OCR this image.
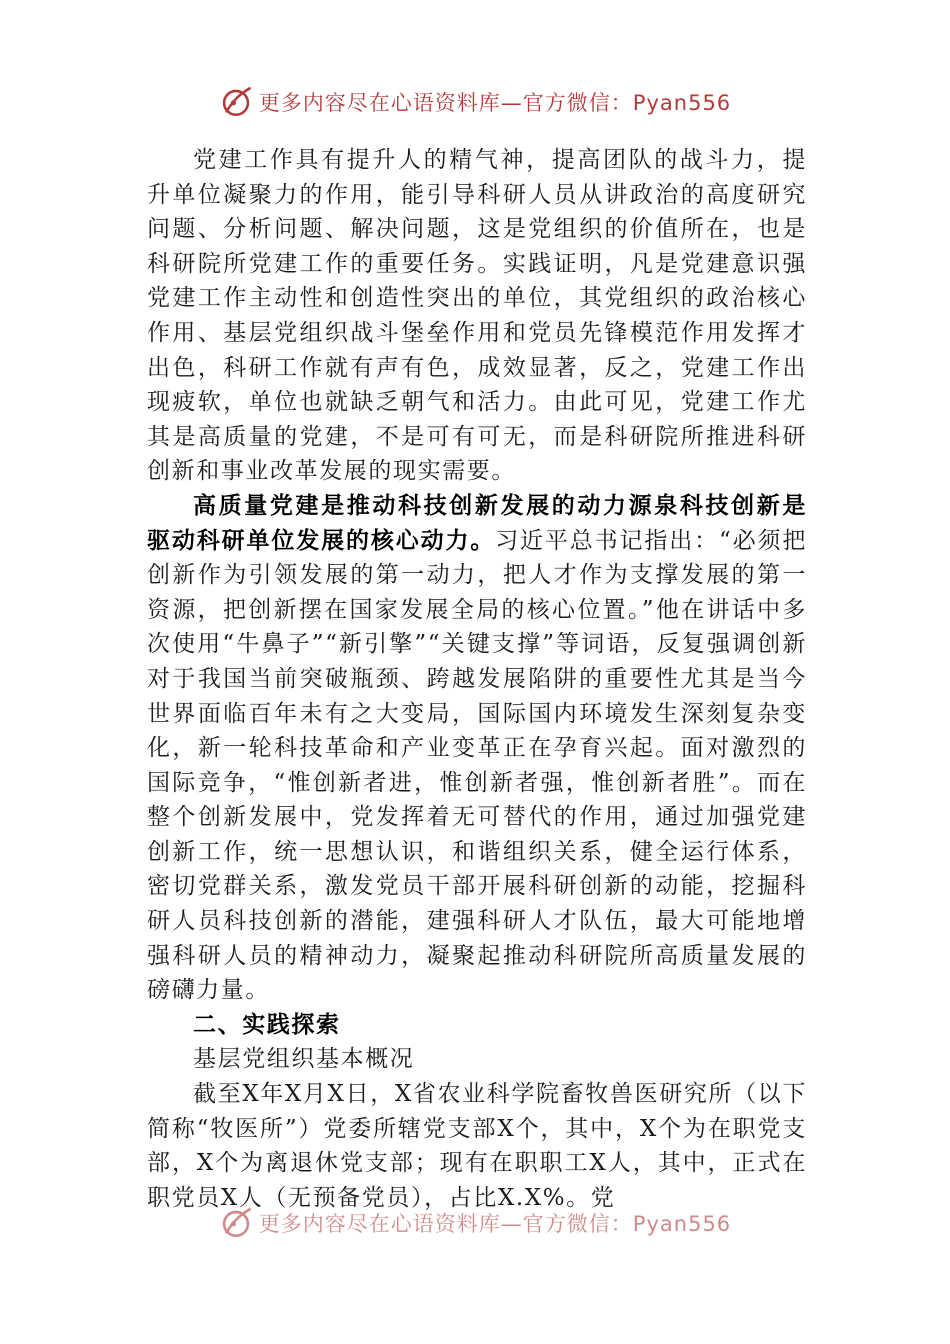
更多内容尽在心语资料库—官方微信：Pyan556

党建工作具有提升人的精气神，提高团队的战斗力，提升单位凝聚力的作用，能引导科研人员从讲政治的高度研究问题、分析问题、解决问题，这是党组织的价值所在，也是科研院所党建工作的重要任务。实践证明，凡是党建意识强党建工作主动性和创造性突出的单位，其党组织的政治核心作用、基层党组织战斗堡垒作用和党员先锋模范作用发挥才出色，科研工作就有声有色，成效显著，反之，党建工作出现疲软，单位也就缺乏朝气和活力。由此可见，党建工作尤其是高质量的党建，不是可有可无，而是科研院所推进科研创新和事业改革发展的现实需要。

高质量党建是推动科技创新发展的动力源泉科技创新是驱动科研单位发展的核心动力。习近平总书记指出：“必须把创新作为引领发展的第一动力，把人才作为支撑发展的第一资源，把创新摆在国家发展全局的核心位置。”他在讲话中多次使用“牛鼻子”“新引擎”“关键支撑”等词语，反复强调创新对于我国当前突破瓶颈、跨越发展陷阱的重要性尤其是当今世界面临百年未有之大变局，国际国内环境发生深刻复杂变化，新一轮科技革命和产业变革正在孕育兴起。面对激烈的国际竞争，“惟创新者进，惟创新者强，惟创新者胜”。而在整个创新发展中，党发挥着无可替代的作用，通过加强党建创新工作，统一思想认识，和谐组织关系，健全运行体系，密切党群关系，激发党员干部开展科研创新的动能，挖掘科研人员科技创新的潜能，建强科研人才队伍，最大可能地增强科研人员的精神动力，凝聚起推动科研院所高质量发展的磅礴力量。

二、实践探索

基层党组织基本概况

截至X年X月X日，X省农业科学院畜牧兽医研究所（以下简称“牧医所”）党委所辖党支部X个，其中，X个为在职党支部，X个为离退休党支部；现有在职职工X人，其中，正式在职党员X人（无预备党员），占比X.X%。党

更多内容尽在心语资料库—官方微信：Pyan556
